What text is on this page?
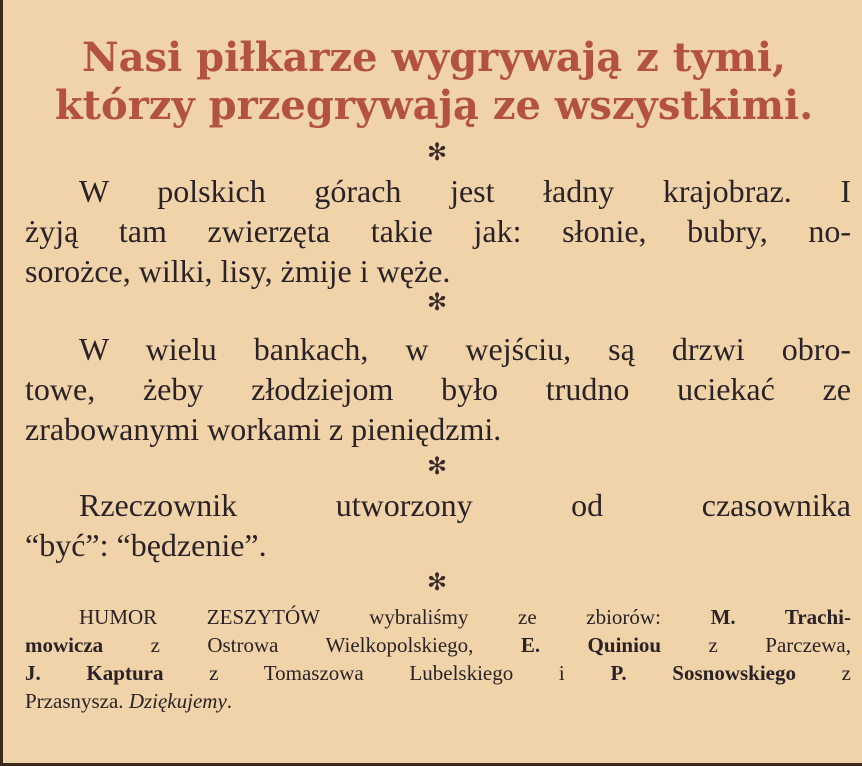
Nasi piłkarze wygrywają z tymi,
którzy przegrywają ze wszystkimi.
✻
W polskich górach jest ładny krajobraz. I
żyją tam zwierzęta takie jak: słonie, bubry, no-
sorożce, wilki, lisy, żmije i węże.
✻
W wielu bankach, w wejściu, są drzwi obro-
towe, żeby złodziejom było trudno uciekać ze
zrabowanymi workami z pieniędzmi.
✻
Rzeczownik utworzony od czasownika
“być”: “będzenie”.
✻
HUMOR ZESZYTÓW wybraliśmy ze zbiorów: M. Trachi-
mowicza z Ostrowa Wielkopolskiego, E. Quiniou z Parczewa,
J. Kaptura z Tomaszowa Lubelskiego i P. Sosnowskiego z
Przasnysza. Dziękujemy.
